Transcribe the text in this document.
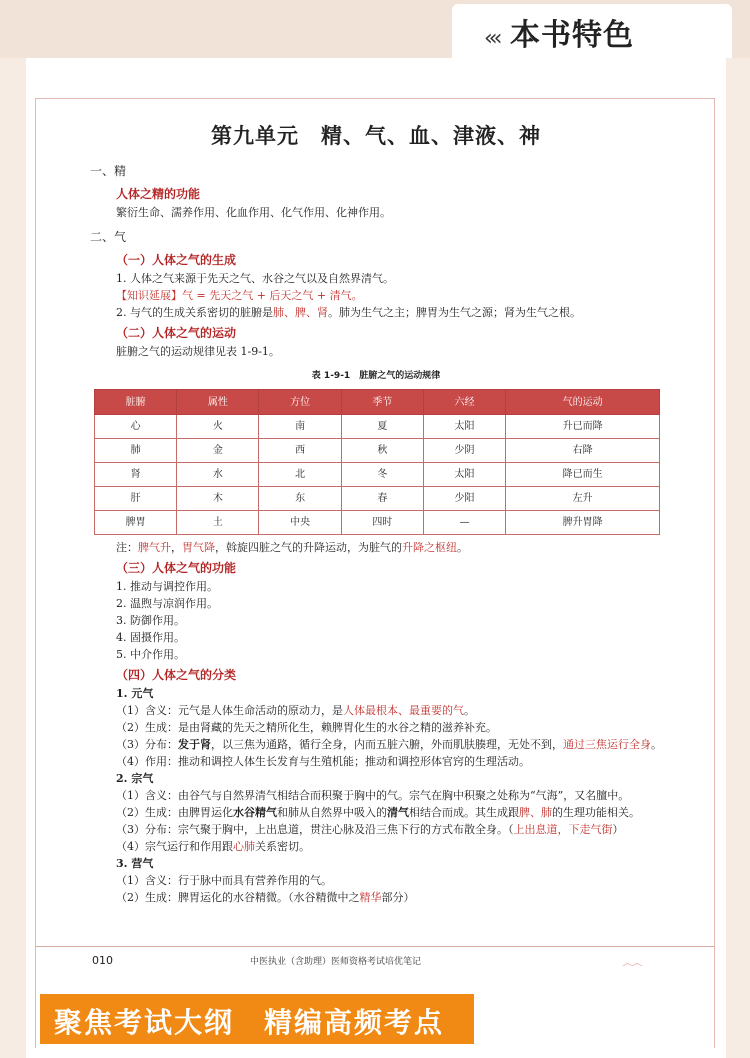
‹‹‹ 本书特色
第九单元　精、气、血、津液、神
一、精
人体之精的功能
繁衍生命、濡养作用、化血作用、化气作用、化神作用。
二、气
（一）人体之气的生成
1. 人体之气来源于先天之气、水谷之气以及自然界清气。
【知识延展】气 = 先天之气 + 后天之气 + 清气。
2. 与气的生成关系密切的脏腑是肺、脾、肾。肺为生气之主；脾胃为生气之源；肾为生气之根。
（二）人体之气的运动
脏腑之气的运动规律见表 1-9-1。
表 1-9-1　脏腑之气的运动规律
脏腑	属性	方位	季节	六经	气的运动
心	火	南	夏	太阳	升已而降
肺	金	西	秋	少阴	右降
肾	水	北	冬	太阳	降已而生
肝	木	东	春	少阳	左升
脾胃	土	中央	四时	—	脾升胃降
注：脾气升，胃气降，斡旋四脏之气的升降运动，为脏气的升降之枢纽。
（三）人体之气的功能
1. 推动与调控作用。
2. 温煦与凉润作用。
3. 防御作用。
4. 固摄作用。
5. 中介作用。
（四）人体之气的分类
1. 元气
（1）含义：元气是人体生命活动的原动力，是人体最根本、最重要的气。
（2）生成：是由肾藏的先天之精所化生，赖脾胃化生的水谷之精的滋养补充。
（3）分布：发于肾，以三焦为通路，循行全身，内而五脏六腑，外而肌肤腠理，无处不到，通过三焦运行全身。
（4）作用：推动和调控人体生长发育与生殖机能；推动和调控形体官窍的生理活动。
2. 宗气
（1）含义：由谷气与自然界清气相结合而积聚于胸中的气。宗气在胸中积聚之处称为“气海”，又名膻中。
（2）生成：由脾胃运化水谷精气和肺从自然界中吸入的清气相结合而成。其生成跟脾、肺的生理功能相关。
（3）分布：宗气聚于胸中，上出息道，贯注心脉及沿三焦下行的方式布散全身。（上出息道，下走气街）
（4）宗气运行和作用跟心肺关系密切。
3. 营气
（1）含义：行于脉中而具有营养作用的气。
（2）生成：脾胃运化的水谷精微。（水谷精微中之精华部分）
010	中医执业（含助理）医师资格考试培优笔记	෴෴
聚焦考试大纲　精编高频考点
